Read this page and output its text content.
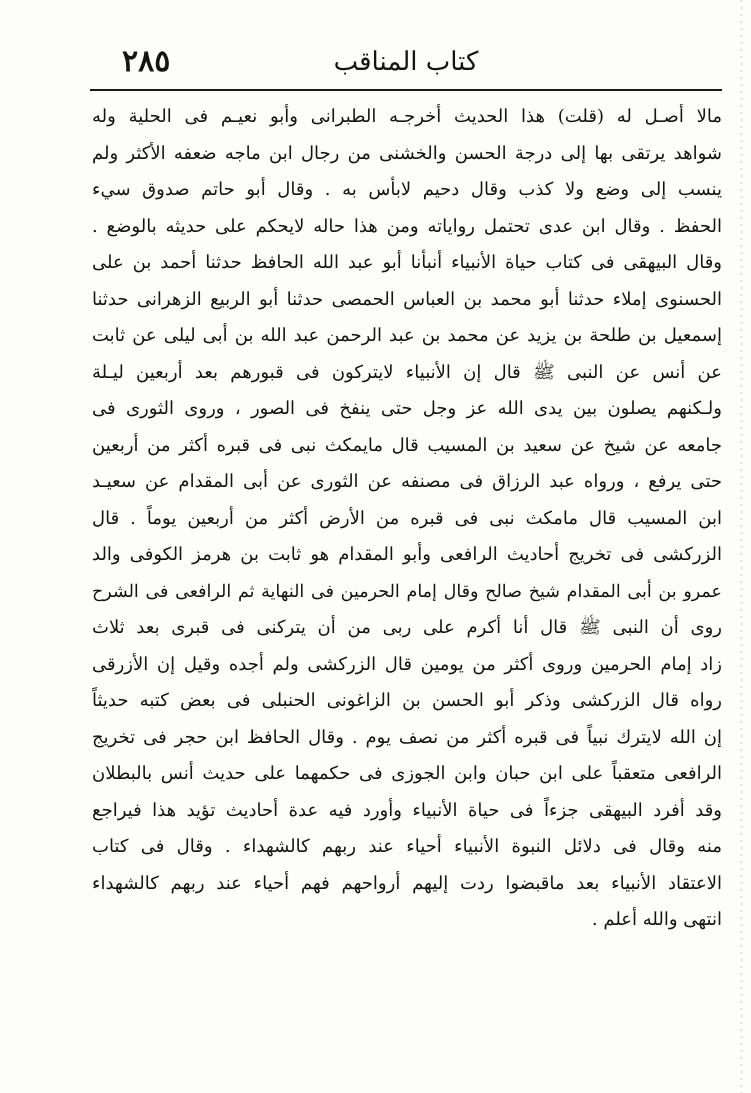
٢٨٥	كتاب المناقب
مالا أصـل له (قلت) هذا الحديث أخرجـه الطبرانى وأبو نعيـم فى الحلية وله
شواهد يرتقى بها إلى درجة الحسن والخشنى من رجال ابن ماجه ضعفه الأكثر ولم
ينسب إلى وضع ولا كذب وقال دحيم لابأس به . وقال أبو حاتم صدوق سيء
الحفظ . وقال ابن عدى تحتمل رواياته ومن هذا حاله لايحكم على حديثه بالوضع .
وقال البيهقى فى كتاب حياة الأنبياء أنبأنا أبو عبد الله الحافظ حدثنا أحمد بن على
الحسنوى إملاء حدثنا أبو محمد بن العباس الحمصى حدثنا أبو الربيع الزهرانى حدثنا
إسمعيل بن طلحة بن يزيد عن محمد بن عبد الرحمن عبد الله بن أبى ليلى عن ثابت
عن أنس عن النبى ﷺ قال إن الأنبياء لايتركون فى قبورهم بعد أربعين ليـلة
ولـكنهم يصلون بين يدى الله عز وجل حتى ينفخ فى الصور ، وروى الثورى فى
جامعه عن شيخ عن سعيد بن المسيب قال مايمكث نبى فى قبره أكثر من أربعين
حتى يرفع ، ورواه عبد الرزاق فى مصنفه عن الثورى عن أبى المقدام عن سعيـد
ابن المسيب قال مامكث نبى فى قبره من الأرض أكثر من أربعين يوماً . قال
الزركشى فى تخريج أحاديث الرافعى وأبو المقدام هو ثابت بن هرمز الكوفى والد
عمرو بن أبى المقدام شيخ صالح وقال إمام الحرمين فى النهاية ثم الرافعى فى الشرح
روى أن النبى ﷺ قال أنا أكرم على ربى من أن يتركنى فى قبرى بعد ثلاث
زاد إمام الحرمين وروى أكثر من يومين قال الزركشى ولم أجده وقيل إن الأزرقى
رواه قال الزركشى وذكر أبو الحسن بن الزاغونى الحنبلى فى بعض كتبه حديثاً
إن الله لايترك نبياً فى قبره أكثر من نصف يوم . وقال الحافظ ابن حجر فى تخريج
الرافعى متعقباً على ابن حبان وابن الجوزى فى حكمهما على حديث أنس بالبطلان
وقد أفرد البيهقى جزءاً فى حياة الأنبياء وأورد فيه عدة أحاديث تؤيد هذا فيراجع
منه وقال فى دلائل النبوة الأنبياء أحياء عند ربهم كالشهداء . وقال فى كتاب
الاعتقاد الأنبياء بعد ماقبضوا ردت إليهم أرواحهم فهم أحياء عند ربهم كالشهداء
انتهى والله أعلم .
